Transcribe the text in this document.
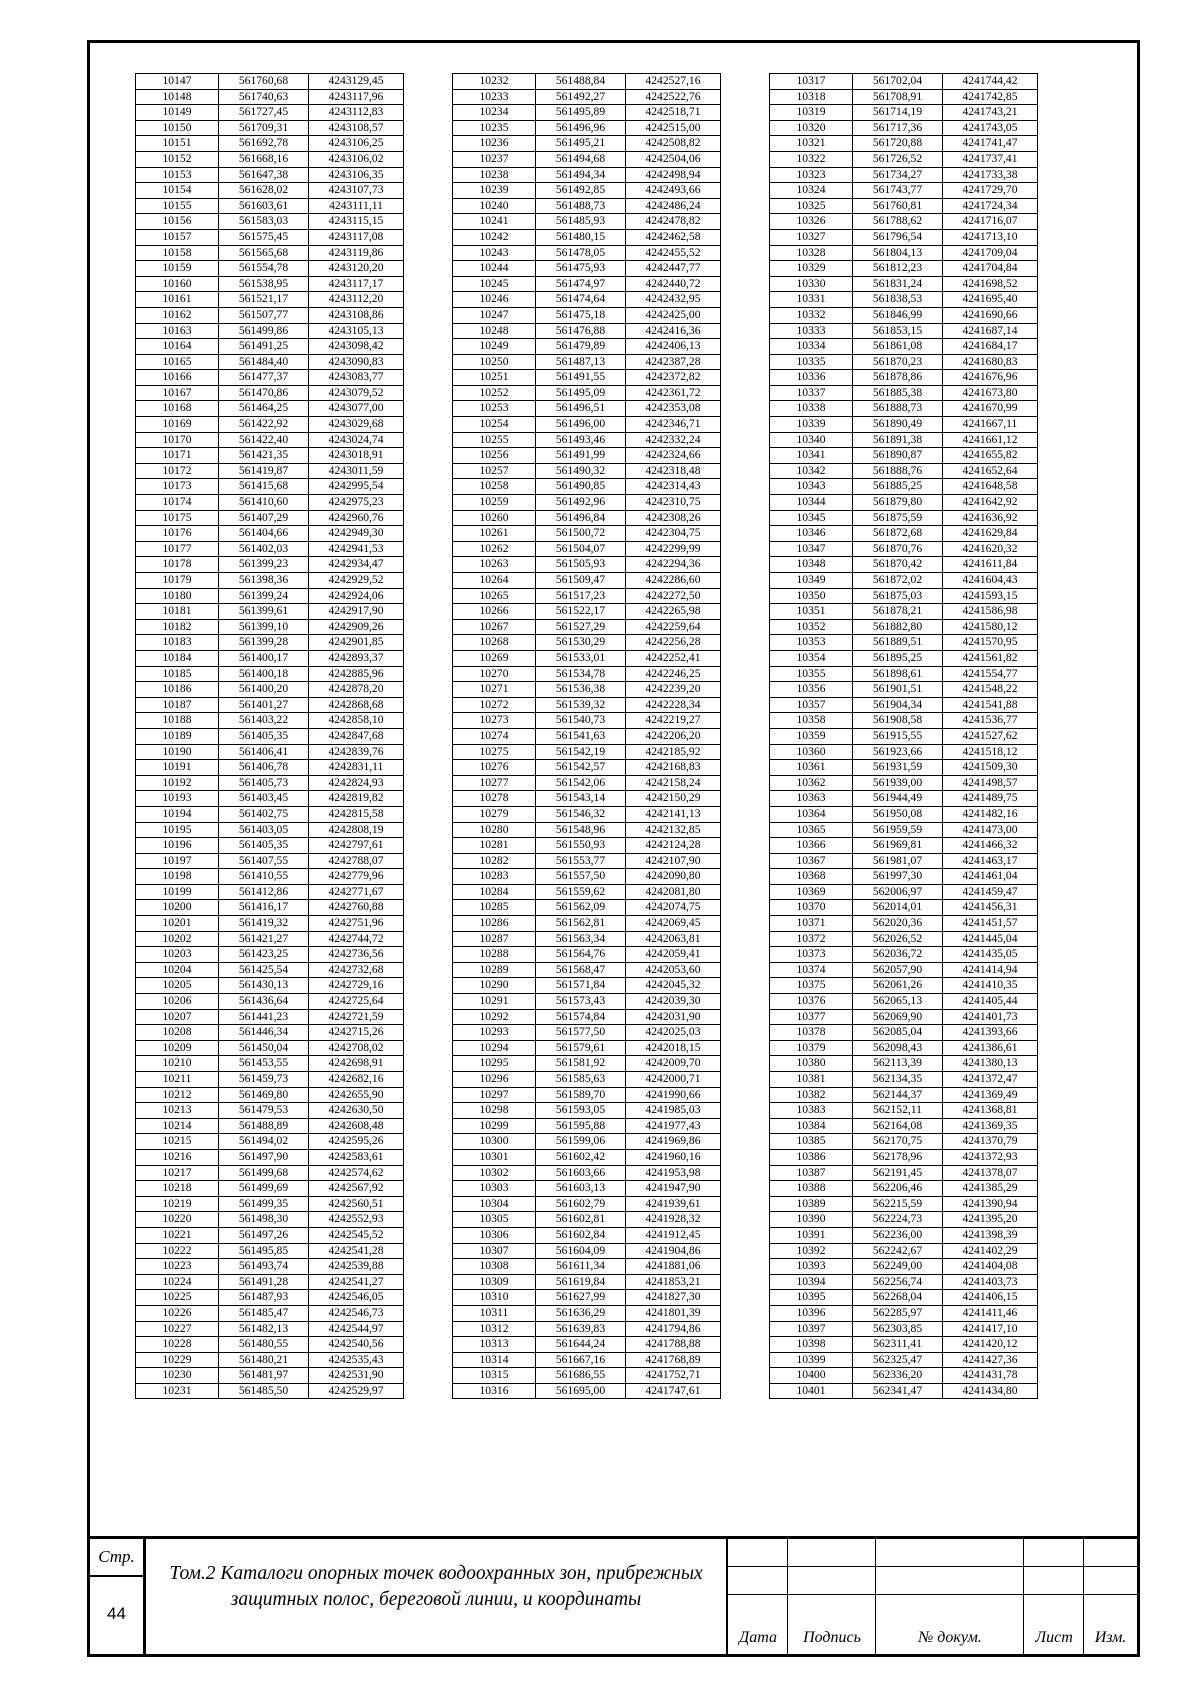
10147	561760,68	4243129,45
10148	561740,63	4243117,96
10149	561727,45	4243112,83
10150	561709,31	4243108,57
10151	561692,78	4243106,25
10152	561668,16	4243106,02
10153	561647,38	4243106,35
10154	561628,02	4243107,73
10155	561603,61	4243111,11
10156	561583,03	4243115,15
10157	561575,45	4243117,08
10158	561565,68	4243119,86
10159	561554,78	4243120,20
10160	561538,95	4243117,17
10161	561521,17	4243112,20
10162	561507,77	4243108,86
10163	561499,86	4243105,13
10164	561491,25	4243098,42
10165	561484,40	4243090,83
10166	561477,37	4243083,77
10167	561470,86	4243079,52
10168	561464,25	4243077,00
10169	561422,92	4243029,68
10170	561422,40	4243024,74
10171	561421,35	4243018,91
10172	561419,87	4243011,59
10173	561415,68	4242995,54
10174	561410,60	4242975,23
10175	561407,29	4242960,76
10176	561404,66	4242949,30
10177	561402,03	4242941,53
10178	561399,23	4242934,47
10179	561398,36	4242929,52
10180	561399,24	4242924,06
10181	561399,61	4242917,90
10182	561399,10	4242909,26
10183	561399,28	4242901,85
10184	561400,17	4242893,37
10185	561400,18	4242885,96
10186	561400,20	4242878,20
10187	561401,27	4242868,68
10188	561403,22	4242858,10
10189	561405,35	4242847,68
10190	561406,41	4242839,76
10191	561406,78	4242831,11
10192	561405,73	4242824,93
10193	561403,45	4242819,82
10194	561402,75	4242815,58
10195	561403,05	4242808,19
10196	561405,35	4242797,61
10197	561407,55	4242788,07
10198	561410,55	4242779,96
10199	561412,86	4242771,67
10200	561416,17	4242760,88
10201	561419,32	4242751,96
10202	561421,27	4242744,72
10203	561423,25	4242736,56
10204	561425,54	4242732,68
10205	561430,13	4242729,16
10206	561436,64	4242725,64
10207	561441,23	4242721,59
10208	561446,34	4242715,26
10209	561450,04	4242708,02
10210	561453,55	4242698,91
10211	561459,73	4242682,16
10212	561469,80	4242655,90
10213	561479,53	4242630,50
10214	561488,89	4242608,48
10215	561494,02	4242595,26
10216	561497,90	4242583,61
10217	561499,68	4242574,62
10218	561499,69	4242567,92
10219	561499,35	4242560,51
10220	561498,30	4242552,93
10221	561497,26	4242545,52
10222	561495,85	4242541,28
10223	561493,74	4242539,88
10224	561491,28	4242541,27
10225	561487,93	4242546,05
10226	561485,47	4242546,73
10227	561482,13	4242544,97
10228	561480,55	4242540,56
10229	561480,21	4242535,43
10230	561481,97	4242531,90
10231	561485,50	4242529,97
10232	561488,84	4242527,16
10233	561492,27	4242522,76
10234	561495,89	4242518,71
10235	561496,96	4242515,00
10236	561495,21	4242508,82
10237	561494,68	4242504,06
10238	561494,34	4242498,94
10239	561492,85	4242493,66
10240	561488,73	4242486,24
10241	561485,93	4242478,82
10242	561480,15	4242462,58
10243	561478,05	4242455,52
10244	561475,93	4242447,77
10245	561474,97	4242440,72
10246	561474,64	4242432,95
10247	561475,18	4242425,00
10248	561476,88	4242416,36
10249	561479,89	4242406,13
10250	561487,13	4242387,28
10251	561491,55	4242372,82
10252	561495,09	4242361,72
10253	561496,51	4242353,08
10254	561496,00	4242346,71
10255	561493,46	4242332,24
10256	561491,99	4242324,66
10257	561490,32	4242318,48
10258	561490,85	4242314,43
10259	561492,96	4242310,75
10260	561496,84	4242308,26
10261	561500,72	4242304,75
10262	561504,07	4242299,99
10263	561505,93	4242294,36
10264	561509,47	4242286,60
10265	561517,23	4242272,50
10266	561522,17	4242265,98
10267	561527,29	4242259,64
10268	561530,29	4242256,28
10269	561533,01	4242252,41
10270	561534,78	4242246,25
10271	561536,38	4242239,20
10272	561539,32	4242228,34
10273	561540,73	4242219,27
10274	561541,63	4242206,20
10275	561542,19	4242185,92
10276	561542,57	4242168,83
10277	561542,06	4242158,24
10278	561543,14	4242150,29
10279	561546,32	4242141,13
10280	561548,96	4242132,85
10281	561550,93	4242124,28
10282	561553,77	4242107,90
10283	561557,50	4242090,80
10284	561559,62	4242081,80
10285	561562,09	4242074,75
10286	561562,81	4242069,45
10287	561563,34	4242063,81
10288	561564,76	4242059,41
10289	561568,47	4242053,60
10290	561571,84	4242045,32
10291	561573,43	4242039,30
10292	561574,84	4242031,90
10293	561577,50	4242025,03
10294	561579,61	4242018,15
10295	561581,92	4242009,70
10296	561585,63	4242000,71
10297	561589,70	4241990,66
10298	561593,05	4241985,03
10299	561595,88	4241977,43
10300	561599,06	4241969,86
10301	561602,42	4241960,16
10302	561603,66	4241953,98
10303	561603,13	4241947,90
10304	561602,79	4241939,61
10305	561602,81	4241928,32
10306	561602,84	4241912,45
10307	561604,09	4241904,86
10308	561611,34	4241881,06
10309	561619,84	4241853,21
10310	561627,99	4241827,30
10311	561636,29	4241801,39
10312	561639,83	4241794,86
10313	561644,24	4241788,88
10314	561667,16	4241768,89
10315	561686,55	4241752,71
10316	561695,00	4241747,61
10317	561702,04	4241744,42
10318	561708,91	4241742,85
10319	561714,19	4241743,21
10320	561717,36	4241743,05
10321	561720,88	4241741,47
10322	561726,52	4241737,41
10323	561734,27	4241733,38
10324	561743,77	4241729,70
10325	561760,81	4241724,34
10326	561788,62	4241716,07
10327	561796,54	4241713,10
10328	561804,13	4241709,04
10329	561812,23	4241704,84
10330	561831,24	4241698,52
10331	561838,53	4241695,40
10332	561846,99	4241690,66
10333	561853,15	4241687,14
10334	561861,08	4241684,17
10335	561870,23	4241680,83
10336	561878,86	4241676,96
10337	561885,38	4241673,80
10338	561888,73	4241670,99
10339	561890,49	4241667,11
10340	561891,38	4241661,12
10341	561890,87	4241655,82
10342	561888,76	4241652,64
10343	561885,25	4241648,58
10344	561879,80	4241642,92
10345	561875,59	4241636,92
10346	561872,68	4241629,84
10347	561870,76	4241620,32
10348	561870,42	4241611,84
10349	561872,02	4241604,43
10350	561875,03	4241593,15
10351	561878,21	4241586,98
10352	561882,80	4241580,12
10353	561889,51	4241570,95
10354	561895,25	4241561,82
10355	561898,61	4241554,77
10356	561901,51	4241548,22
10357	561904,34	4241541,88
10358	561908,58	4241536,77
10359	561915,55	4241527,62
10360	561923,66	4241518,12
10361	561931,59	4241509,30
10362	561939,00	4241498,57
10363	561944,49	4241489,75
10364	561950,08	4241482,16
10365	561959,59	4241473,00
10366	561969,81	4241466,32
10367	561981,07	4241463,17
10368	561997,30	4241461,04
10369	562006,97	4241459,47
10370	562014,01	4241456,31
10371	562020,36	4241451,57
10372	562026,52	4241445,04
10373	562036,72	4241435,05
10374	562057,90	4241414,94
10375	562061,26	4241410,35
10376	562065,13	4241405,44
10377	562069,90	4241401,73
10378	562085,04	4241393,66
10379	562098,43	4241386,61
10380	562113,39	4241380,13
10381	562134,35	4241372,47
10382	562144,37	4241369,49
10383	562152,11	4241368,81
10384	562164,08	4241369,35
10385	562170,75	4241370,79
10386	562178,96	4241372,93
10387	562191,45	4241378,07
10388	562206,46	4241385,29
10389	562215,59	4241390,94
10390	562224,73	4241395,20
10391	562236,00	4241398,39
10392	562242,67	4241402,29
10393	562249,00	4241404,08
10394	562256,74	4241403,73
10395	562268,04	4241406,15
10396	562285,97	4241411,46
10397	562303,85	4241417,10
10398	562311,41	4241420,12
10399	562325,47	4241427,36
10400	562336,20	4241431,78
10401	562341,47	4241434,80
Стр.
44
Том.2 Каталоги опорных точек водоохранных зон, прибрежных защитных полос, береговой линии, и координаты
Дата	Подпись	№ докум.	Лист	Изм.
